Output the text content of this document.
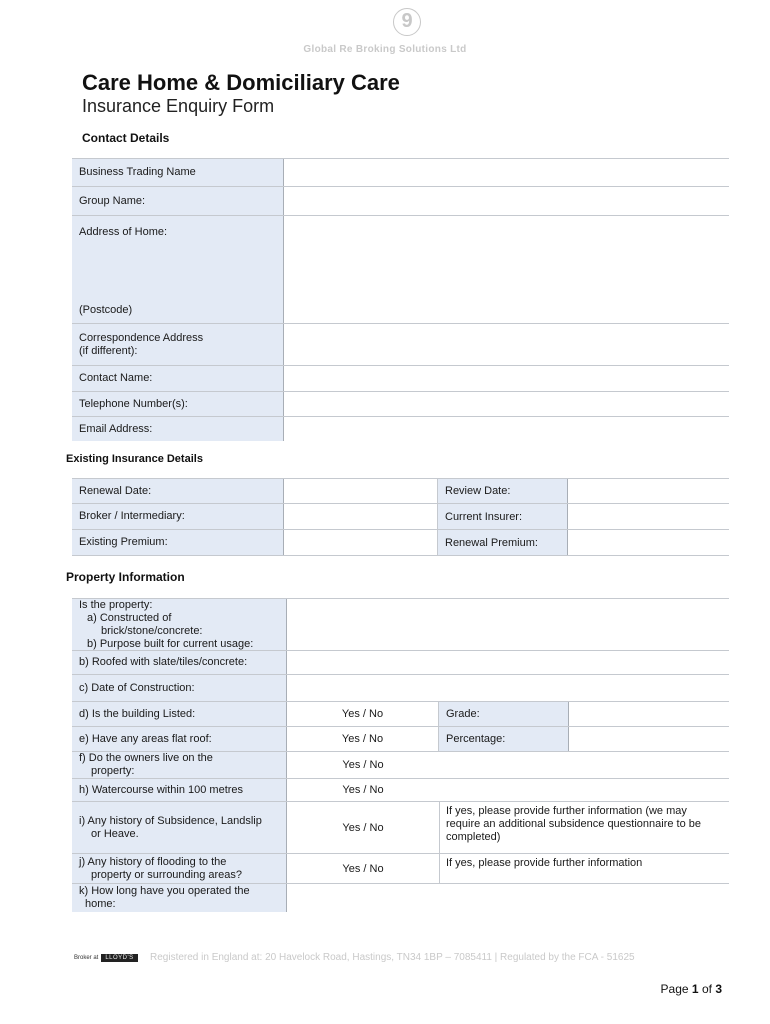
9
Global Re Broking Solutions Ltd
Care Home & Domiciliary Care
Insurance Enquiry Form
Contact Details
Business Trading Name
Group Name:
Address of Home:
(Postcode)
Correspondence Address
(if different):
Contact Name:
Telephone Number(s):
Email Address:
Existing Insurance Details
Renewal Date:	Review Date:
Broker / Intermediary:	Current Insurer:
Existing Premium:	Renewal Premium:
Property Information
Is the property:
a) Constructed of
brick/stone/concrete:
b) Purpose built for current usage:
b) Roofed with slate/tiles/concrete:
c) Date of Construction:
d) Is the building Listed:	Yes / No	Grade:
e) Have any areas flat roof:	Yes / No	Percentage:
f) Do the owners live on the
property:	Yes / No
h) Watercourse within 100 metres	Yes / No
i) Any history of Subsidence, Landslip
or Heave.	Yes / No
If yes, please provide further information (we may require an additional subsidence questionnaire to be completed)
j) Any history of flooding to the
property or surrounding areas?	Yes / No	If yes, please provide further information
k) How long have you operated the
home:
Broker at	LLOYD'S	Registered in England at: 20 Havelock Road, Hastings, TN34 1BP – 7085411 | Regulated by the FCA - 51625
Page 1 of 3
